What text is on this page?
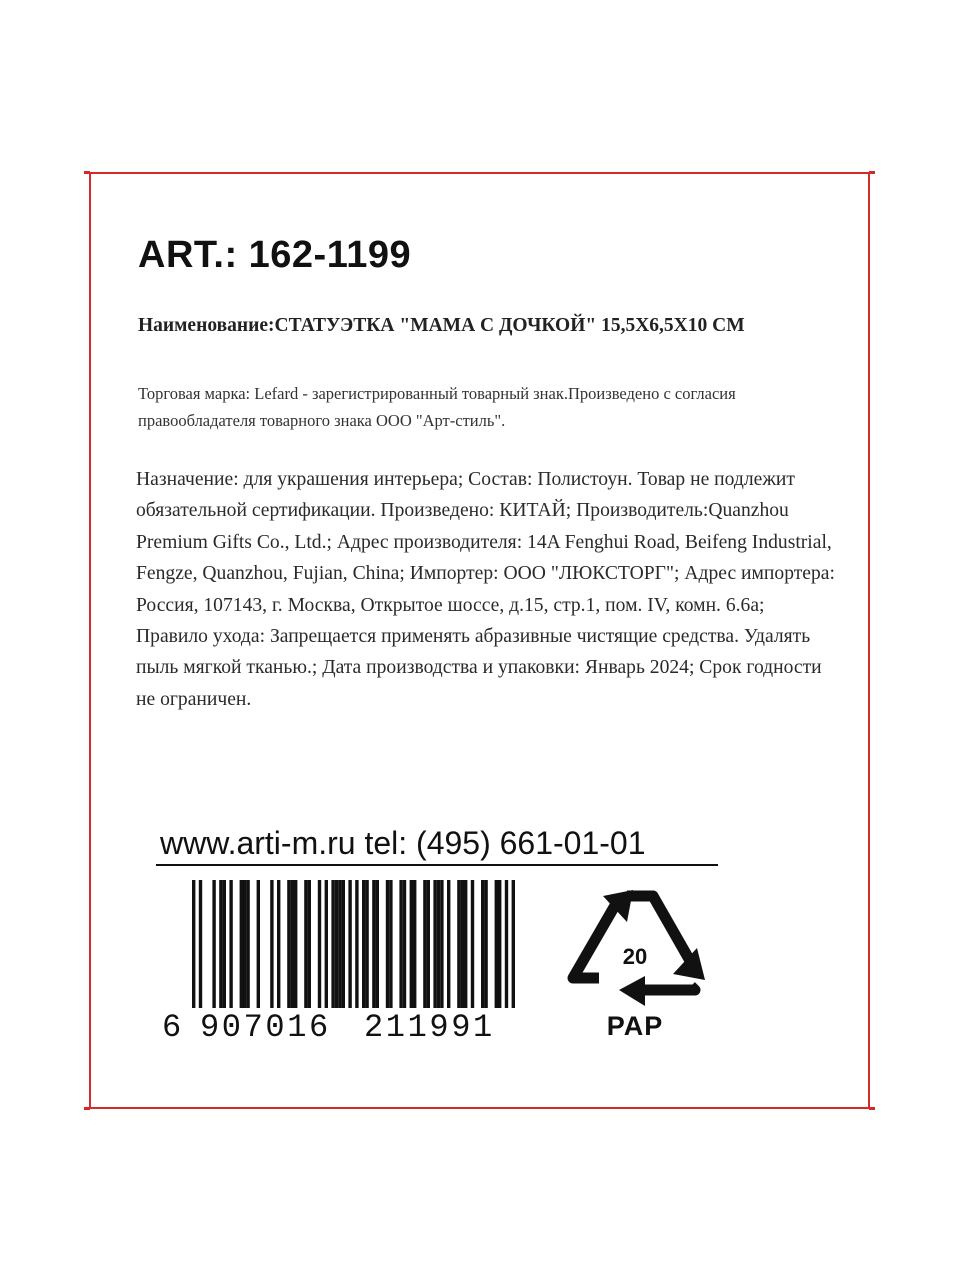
ART.: 162-1199

Наименование:СТАТУЭТКА "МАМА С ДОЧКОЙ" 15,5Х6,5Х10 СМ

Торговая марка: Lefard - зарегистрированный товарный знак.Произведено с согласия правообладателя товарного знака ООО "Арт-стиль".

Назначение: для украшения интерьера; Состав: Полистоун. Товар не подлежит обязательной сертификации. Произведено: КИТАЙ; Производитель:Quanzhou Premium Gifts Co., Ltd.; Адрес производителя: 14A Fenghui Road, Beifeng Industrial, Fengze, Quanzhou, Fujian, China; Импортер: ООО "ЛЮКСТОРГ"; Адрес импортера: Россия, 107143, г. Москва, Открытое шоссе, д.15, стр.1, пом. IV, комн. 6.6а; Правило ухода: Запрещается применять абразивные чистящие средства. Удалять пыль мягкой тканью.; Дата производства и упаковки: Январь 2024; Срок годности не ограничен.

www.arti-m.ru tel: (495) 661-01-01

6 907016 211991
20
PAP
